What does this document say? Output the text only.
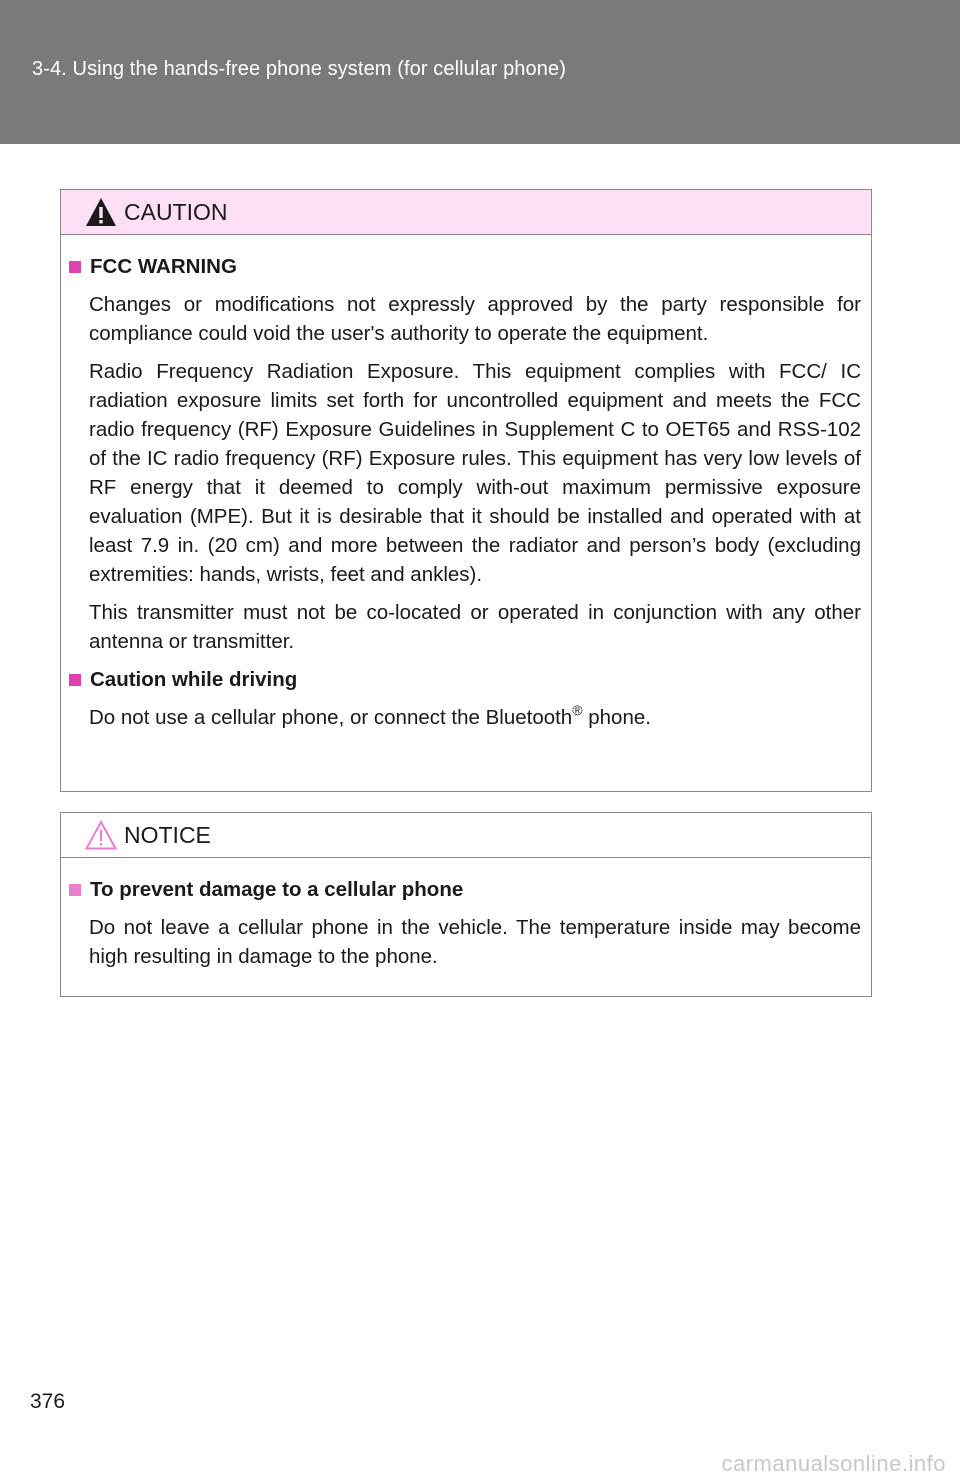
3-4. Using the hands-free phone system (for cellular phone)
CAUTION
FCC WARNING

Changes or modifications not expressly approved by the party responsible for compliance could void the user's authority to operate the equipment.

Radio Frequency Radiation Exposure. This equipment complies with FCC/ IC radiation exposure limits set forth for uncontrolled equipment and meets the FCC radio frequency (RF) Exposure Guidelines in Supplement C to OET65 and RSS-102 of the IC radio frequency (RF) Exposure rules. This equipment has very low levels of RF energy that it deemed to comply with-out maximum permissive exposure evaluation (MPE). But it is desirable that it should be installed and operated with at least 7.9 in. (20 cm) and more between the radiator and person’s body (excluding extremities: hands, wrists, feet and ankles).

This transmitter must not be co-located or operated in conjunction with any other antenna or transmitter.

Caution while driving

Do not use a cellular phone, or connect the Bluetooth® phone.

NOTICE
To prevent damage to a cellular phone

Do not leave a cellular phone in the vehicle. The temperature inside may become high resulting in damage to the phone.

376
carmanualsonline.info
